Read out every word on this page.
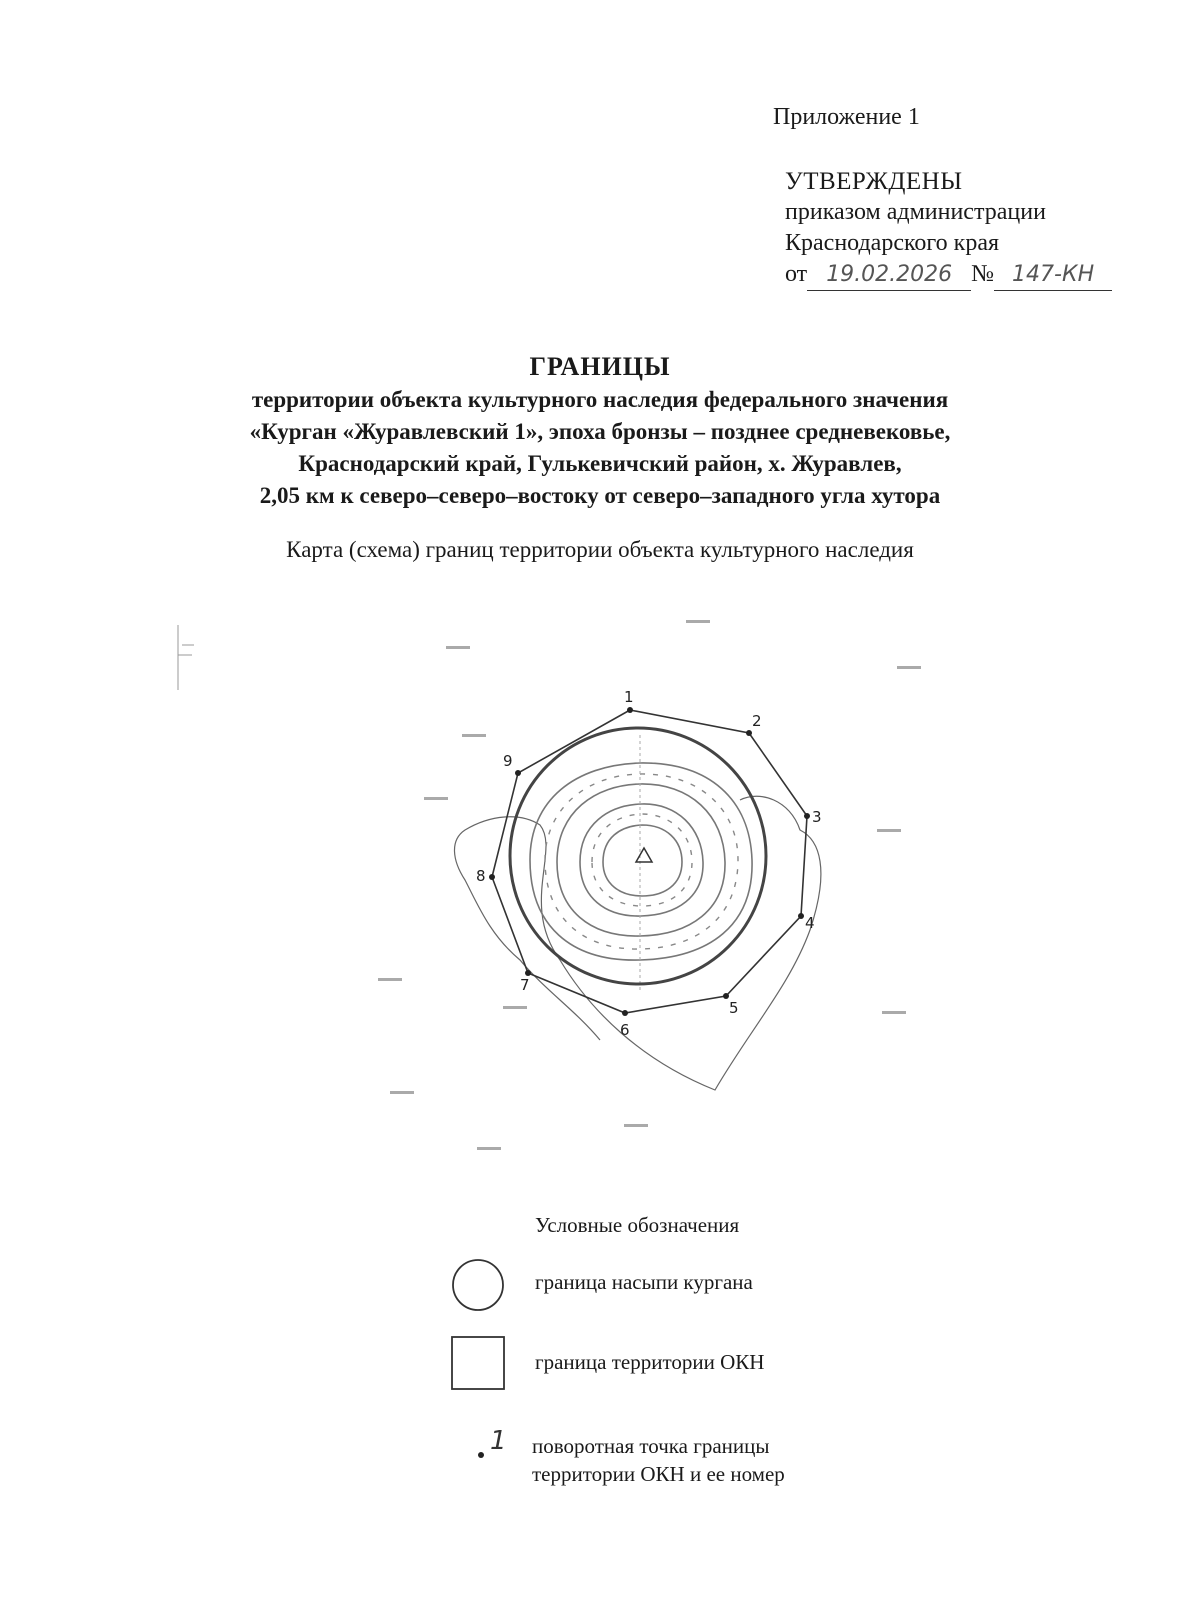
Приложение 1
УТВЕРЖДЕНЫ
приказом администрации
Краснодарского края
от 19.02.2026 № 147-КН
ГРАНИЦЫ
территории объекта культурного наследия федерального значения
«Курган «Журавлевский 1», эпоха бронзы – позднее средневековье,
Краснодарский край, Гулькевичский район, х. Журавлев,
2,05 км к северо–северо–востоку от северо–западного угла хутора
Карта (схема) границ территории объекта культурного наследия
1
2
3
4
5
6
7
8
9
Условные обозначения
граница насыпи кургана
граница территории ОКН
1 поворотная точка границы
территории ОКН и ее номер
